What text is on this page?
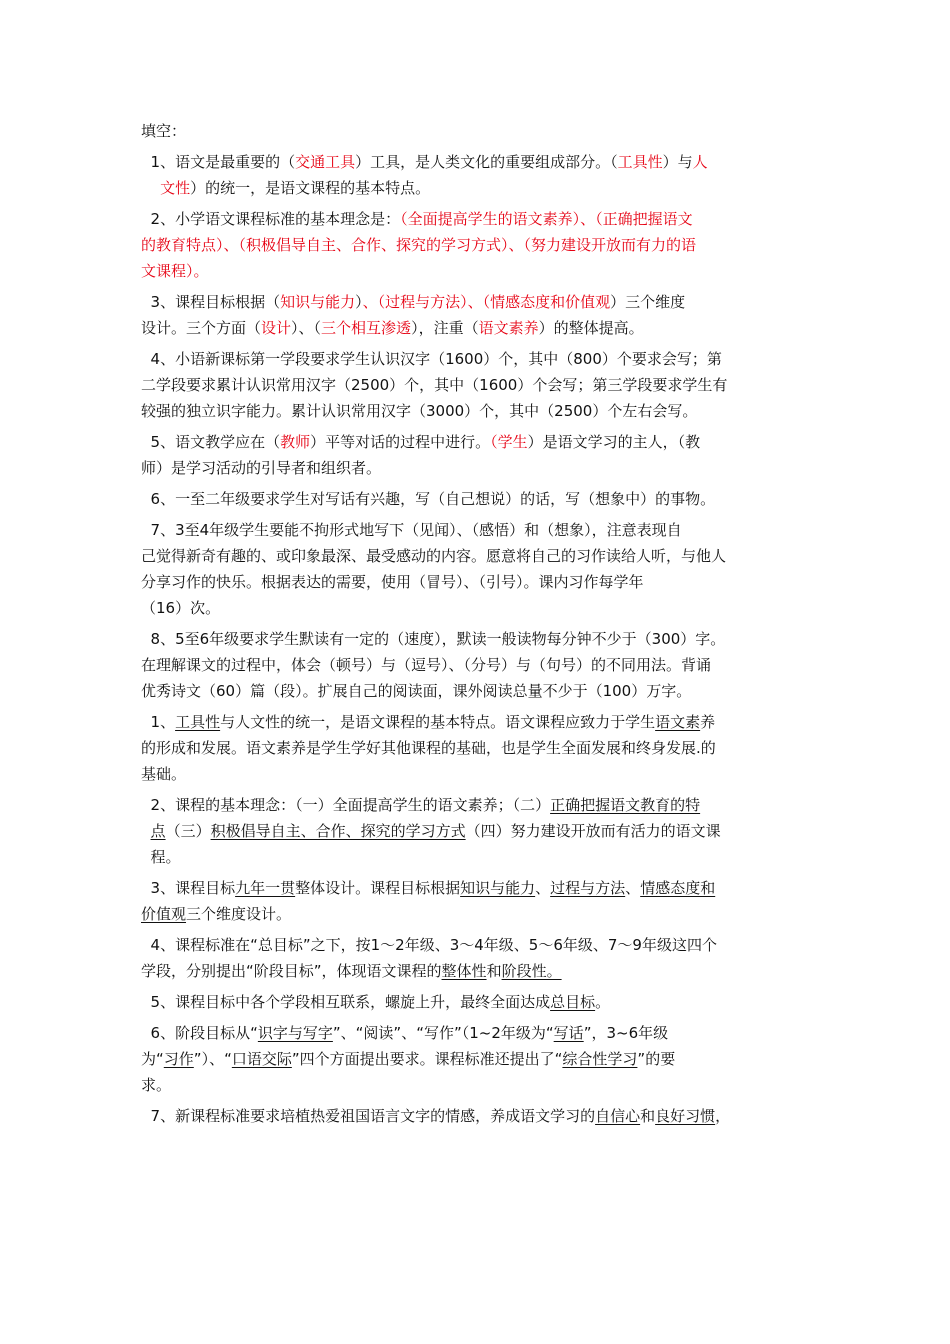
填空：
1、语文是最重要的（交通工具）工具，是人类文化的重要组成部分。（工具性）与人
文性）的统一，是语文课程的基本特点。
2、小学语文课程标准的基本理念是：（全面提高学生的语文素养）、（正确把握语文
的教育特点）、（积极倡导自主、合作、探究的学习方式）、（努力建设开放而有力的语
文课程）。
3、课程目标根据（知识与能力）、（过程与方法）、（情感态度和价值观）三个维度
设计。三个方面（设计）、（三个相互渗透），注重（语文素养）的整体提高。
4、小语新课标第一学段要求学生认识汉字（1600）个，其中（800）个要求会写；第
二学段要求累计认识常用汉字（2500）个，其中（1600）个会写；第三学段要求学生有
较强的独立识字能力。累计认识常用汉字（3000）个，其中（2500）个左右会写。
5、语文教学应在（教师）平等对话的过程中进行。（学生）是语文学习的主人，（教
师）是学习活动的引导者和组织者。
6、一至二年级要求学生对写话有兴趣，写（自己想说）的话，写（想象中）的事物。
7、3至4年级学生要能不拘形式地写下（见闻）、（感悟）和（想象），注意表现自
己觉得新奇有趣的、或印象最深、最受感动的内容。愿意将自己的习作读给人听，与他人
分享习作的快乐。根据表达的需要，使用（冒号）、（引号）。课内习作每学年
（16）次。
8、5至6年级要求学生默读有一定的（速度），默读一般读物每分钟不少于（300）字。
在理解课文的过程中，体会（顿号）与（逗号）、（分号）与（句号）的不同用法。背诵
优秀诗文（60）篇（段）。扩展自己的阅读面，课外阅读总量不少于（100）万字。
1、工具性与人文性的统一，是语文课程的基本特点。语文课程应致力于学生语文素养
的形成和发展。语文素养是学生学好其他课程的基础，也是学生全面发展和终身发展.的
基础。
2、课程的基本理念：（一）全面提高学生的语文素养；（二）正确把握语文教育的特
点（三）积极倡导自主、合作、探究的学习方式（四）努力建设开放而有活力的语文课
程。
3、课程目标九年一贯整体设计。课程目标根据知识与能力、过程与方法、情感态度和
价值观三个维度设计。
4、课程标准在“总目标”之下，按1～2年级、3～4年级、5～6年级、7～9年级这四个
学段，分别提出“阶段目标”，体现语文课程的整体性和阶段性。
5、课程目标中各个学段相互联系，螺旋上升，最终全面达成总目标。
6、阶段目标从“识字与写字”、“阅读”、“写作”（1~2年级为“写话”，3~6年级
为“习作”）、“口语交际”四个方面提出要求。课程标准还提出了“综合性学习”的要
求。
7、新课程标准要求培植热爱祖国语言文字的情感，养成语文学习的自信心和良好习惯，
